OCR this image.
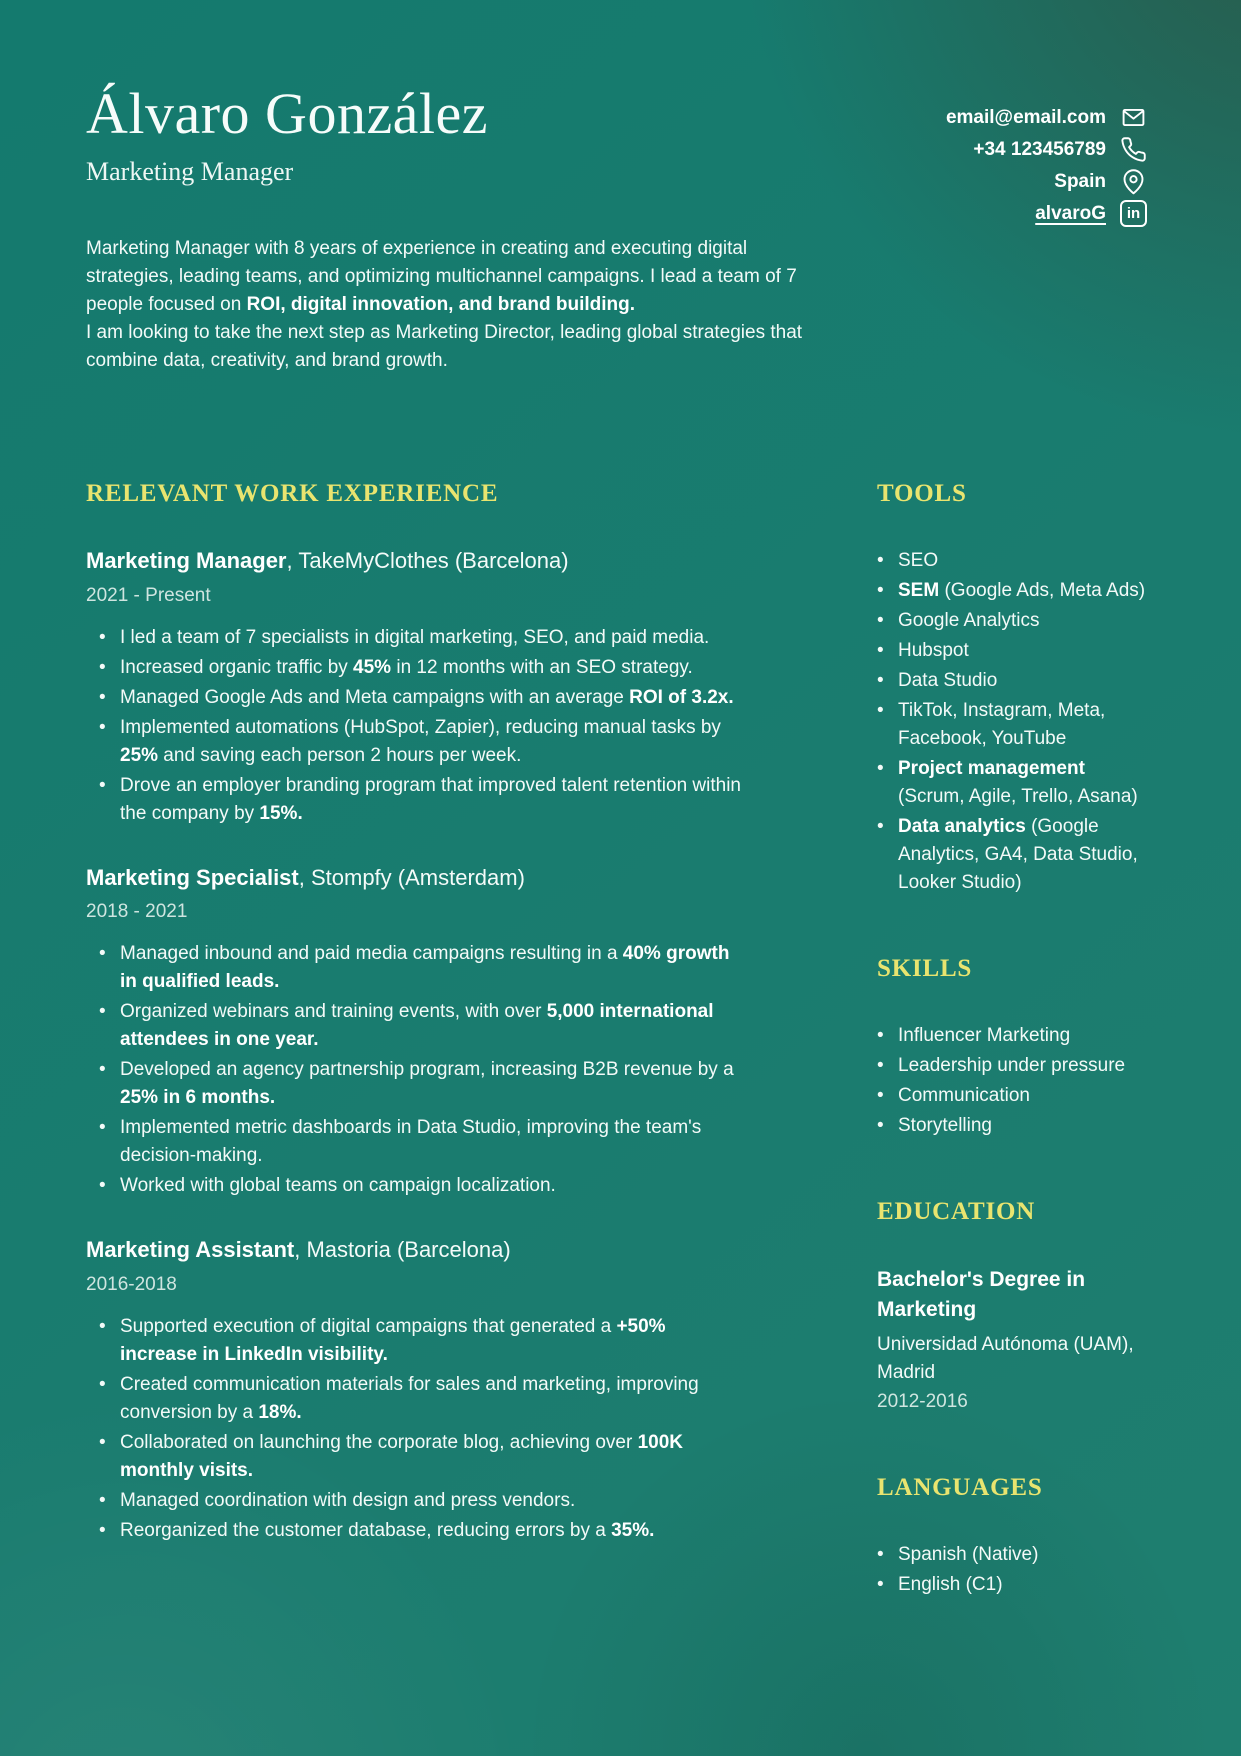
Álvaro González
Marketing Manager
email@email.com
+34 123456789
Spain
alvaroG	in

Marketing Manager with 8 years of experience in creating and executing digital strategies, leading teams, and optimizing multichannel campaigns. I lead a team of 7 people focused on ROI, digital innovation, and brand building.

I am looking to take the next step as Marketing Director, leading global strategies that combine data, creativity, and brand growth.

RELEVANT WORK EXPERIENCE
Marketing Manager, TakeMyClothes (Barcelona)
2021 - Present
• I led a team of 7 specialists in digital marketing, SEO, and paid media.
• Increased organic traffic by 45% in 12 months with an SEO strategy.
• Managed Google Ads and Meta campaigns with an average ROI of 3.2x.
• Implemented automations (HubSpot, Zapier), reducing manual tasks by 25% and saving each person 2 hours per week.
• Drove an employer branding program that improved talent retention within the company by 15%.
Marketing Specialist, Stompfy (Amsterdam)
2018 - 2021
• Managed inbound and paid media campaigns resulting in a 40% growth in qualified leads.
• Organized webinars and training events, with over 5,000 international attendees in one year.
• Developed an agency partnership program, increasing B2B revenue by a 25% in 6 months.
• Implemented metric dashboards in Data Studio, improving the team's decision-making.
• Worked with global teams on campaign localization.
Marketing Assistant, Mastoria (Barcelona)
2016-2018
• Supported execution of digital campaigns that generated a +50% increase in LinkedIn visibility.
• Created communication materials for sales and marketing, improving conversion by a 18%.
• Collaborated on launching the corporate blog, achieving over 100K monthly visits.
• Managed coordination with design and press vendors.
• Reorganized the customer database, reducing errors by a 35%.
TOOLS
• SEO
• SEM (Google Ads, Meta Ads)
• Google Analytics
• Hubspot
• Data Studio
• TikTok, Instagram, Meta, Facebook, YouTube
• Project management (Scrum, Agile, Trello, Asana)
• Data analytics (Google Analytics, GA4, Data Studio, Looker Studio)
SKILLS
• Influencer Marketing
• Leadership under pressure
• Communication
• Storytelling
EDUCATION
Bachelor's Degree in Marketing
Universidad Autónoma (UAM), Madrid
2012-2016
LANGUAGES
• Spanish (Native)
• English (C1)
